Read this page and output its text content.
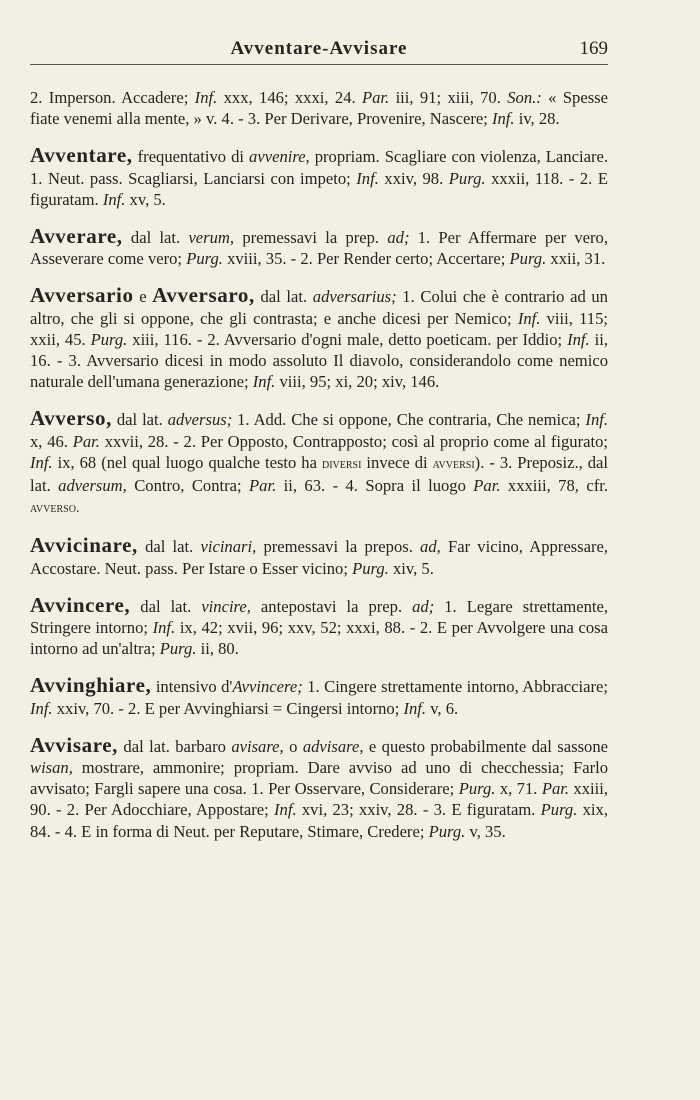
Avventare-Avvisare	169

2. Imperson. Accadere; Inf. xxx, 146; xxxi, 24. Par. iii, 91; xiii, 70. Son.: « Spesse fiate venemi alla mente, » v. 4. - 3. Per Derivare, Provenire, Nascere; Inf. iv, 28.

Avventare, frequentativo di avvenire, propriam. Scagliare con violenza, Lanciare. 1. Neut. pass. Scagliarsi, Lanciarsi con impeto; Inf. xxiv, 98. Purg. xxxii, 118. - 2. E figuratam. Inf. xv, 5.

Avverare, dal lat. verum, premessavi la prep. ad; 1. Per Affermare per vero, Asseverare come vero; Purg. xviii, 35. - 2. Per Render certo; Accertare; Purg. xxii, 31.

Avversario e Avversaro, dal lat. adversarius; 1. Colui che è contrario ad un altro, che gli si oppone, che gli contrasta; e anche dicesi per Nemico; Inf. viii, 115; xxii, 45. Purg. xiii, 116. - 2. Avversario d'ogni male, detto poeticam. per Iddio; Inf. ii, 16. - 3. Avversario dicesi in modo assoluto Il diavolo, considerandolo come nemico naturale dell'umana generazione; Inf. viii, 95; xi, 20; xiv, 146.

Avverso, dal lat. adversus; 1. Add. Che si oppone, Che contraria, Che nemica; Inf. x, 46. Par. xxvii, 28. - 2. Per Opposto, Contrapposto; così al proprio come al figurato; Inf. ix, 68 (nel qual luogo qualche testo ha diversi invece di avversi). - 3. Preposiz., dal lat. adversum, Contro, Contra; Par. ii, 63. - 4. Sopra il luogo Par. xxxiii, 78, cfr. avverso.

Avvicinare, dal lat. vicinari, premessavi la prepos. ad, Far vicino, Appressare, Accostare. Neut. pass. Per Istare o Esser vicino; Purg. xiv, 5.

Avvincere, dal lat. vincire, antepostavi la prep. ad; 1. Legare strettamente, Stringere intorno; Inf. ix, 42; xvii, 96; xxv, 52; xxxi, 88. - 2. E per Avvolgere una cosa intorno ad un'altra; Purg. ii, 80.

Avvinghiare, intensivo d'Avvincere; 1. Cingere strettamente intorno, Abbracciare; Inf. xxiv, 70. - 2. E per Avvinghiarsi = Cingersi intorno; Inf. v, 6.

Avvisare, dal lat. barbaro avisare, o advisare, e questo probabilmente dal sassone wisan, mostrare, ammonire; propriam. Dare avviso ad uno di checchessia; Farlo avvisato; Fargli sapere una cosa. 1. Per Osservare, Considerare; Purg. x, 71. Par. xxiii, 90. - 2. Per Adocchiare, Appostare; Inf. xvi, 23; xxiv, 28. - 3. E figuratam. Purg. xix, 84. - 4. E in forma di Neut. per Reputare, Stimare, Credere; Purg. v, 35.
